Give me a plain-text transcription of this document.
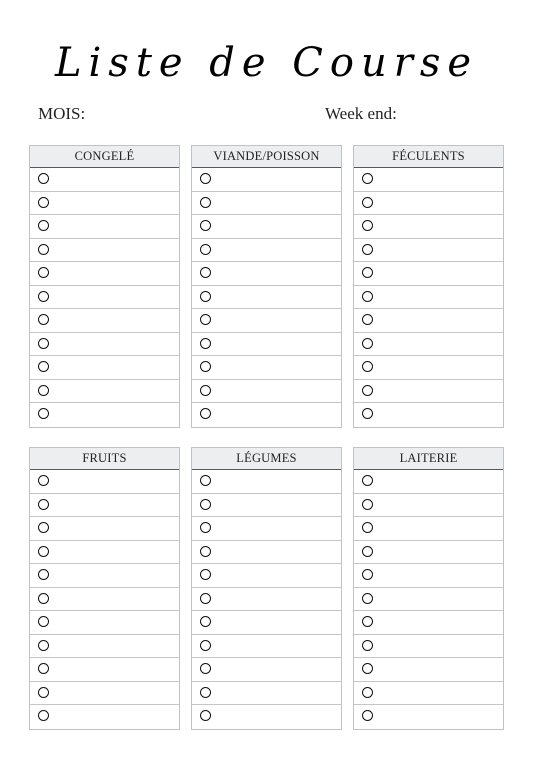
Liste de Course
MOIS:	Week end:
CONGELÉ	VIANDE/POISSON	FÉCULENTS
FRUITS	LÉGUMES	LAITERIE
